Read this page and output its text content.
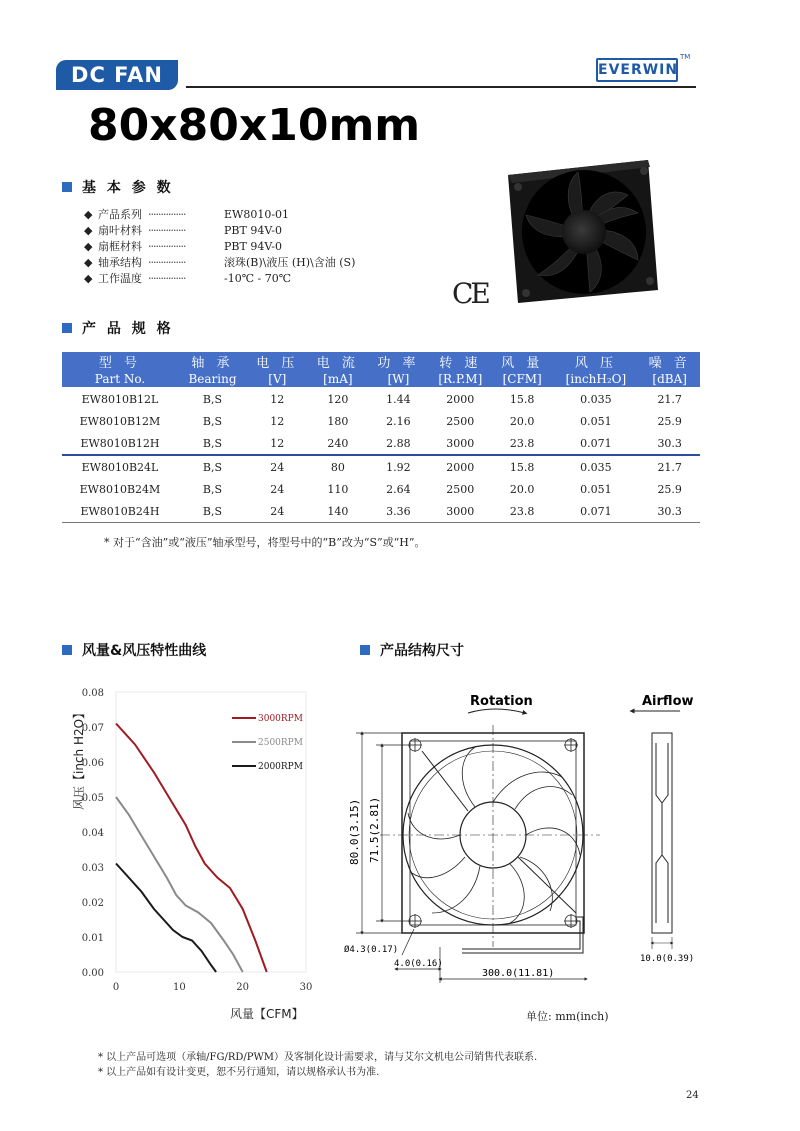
DC FAN	EVERWIN
TM
80x80x10mm
基 本 参 数
◆ 产品系列 ···············	EW8010-01
◆ 扇叶材料 ···············	PBT 94V-0
◆ 扇框材料 ···············	PBT 94V-0
◆ 轴承结构 ···············	滚珠(B)\液压 (H)\含油 (S)
◆ 工作温度 ···············	-10℃ - 70℃	CE
产 品 规 格
型 号	轴 承	电 压	电 流	功 率	转 速	风 量	风 压	噪 音
Part No.	Bearing	[V]	[mA]	[W]	[R.P.M]	[CFM]	[inchH₂O]	[dBA]
EW8010B12L	B,S	12	120	1.44	2000	15.8	0.035	21.7
EW8010B12M	B,S	12	180	2.16	2500	20.0	0.051	25.9
EW8010B12H	B,S	12	240	2.88	3000	23.8	0.071	30.3
EW8010B24L	B,S	24	80	1.92	2000	15.8	0.035	21.7
EW8010B24M	B,S	24	110	2.64	2500	20.0	0.051	25.9
EW8010B24H	B,S	24	140	3.36	3000	23.8	0.071	30.3
* 对于“含油”或“液压”轴承型号，将型号中的“B”改为“S”或“H”。
风量&风压特性曲线
0.00
0.01
0.02
0.03
0.04
0.05
0.06
0.07
0.08
0	10	20	30
3000RPM
2500RPM
2000RPM
风压【inch H2O】
风量【CFM】
产品结构尺寸
Rotation	Airflow
80.0(3.15) 71.5(2.81)
Ø4.3(0.17)
4.0(0.16)
300.0(11.81)
10.0(0.39)
单位: mm(inch)
* 以上产品可选项（承轴/FG/RD/PWM）及客制化设计需要求，请与艾尔文机电公司销售代表联系.
* 以上产品如有设计变更，恕不另行通知，请以规格承认书为准.
24
